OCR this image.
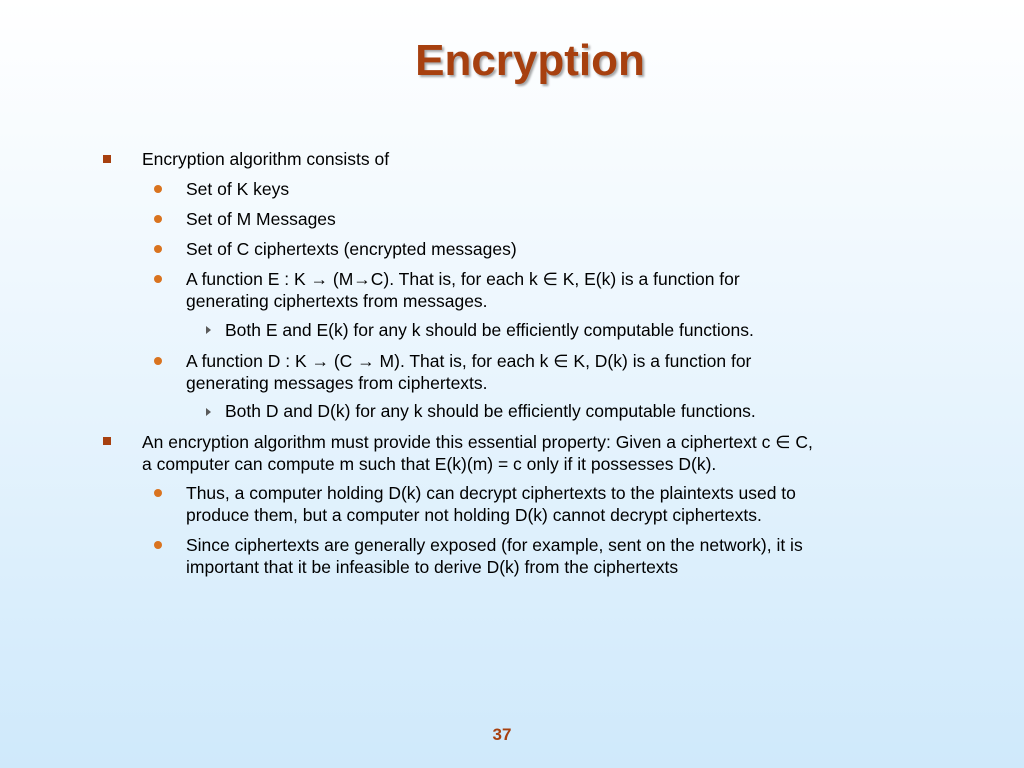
Encryption
Encryption algorithm consists of
Set of K keys
Set of M Messages
Set of C ciphertexts (encrypted messages)
A function E : K → (M→C). That is, for each k ∈ K, E(k) is a function for
generating ciphertexts from messages.
Both E and E(k) for any k should be efficiently computable functions.
A function D : K → (C → M). That is, for each k ∈ K, D(k) is a function for
generating messages from ciphertexts.
Both D and D(k) for any k should be efficiently computable functions.
An encryption algorithm must provide this essential property: Given a ciphertext c ∈ C,
a computer can compute m such that E(k)(m) = c only if it possesses D(k).
Thus, a computer holding D(k) can decrypt ciphertexts to the plaintexts used to
produce them, but a computer not holding D(k) cannot decrypt ciphertexts.
Since ciphertexts are generally exposed (for example, sent on the network), it is
important that it be infeasible to derive D(k) from the ciphertexts
37
